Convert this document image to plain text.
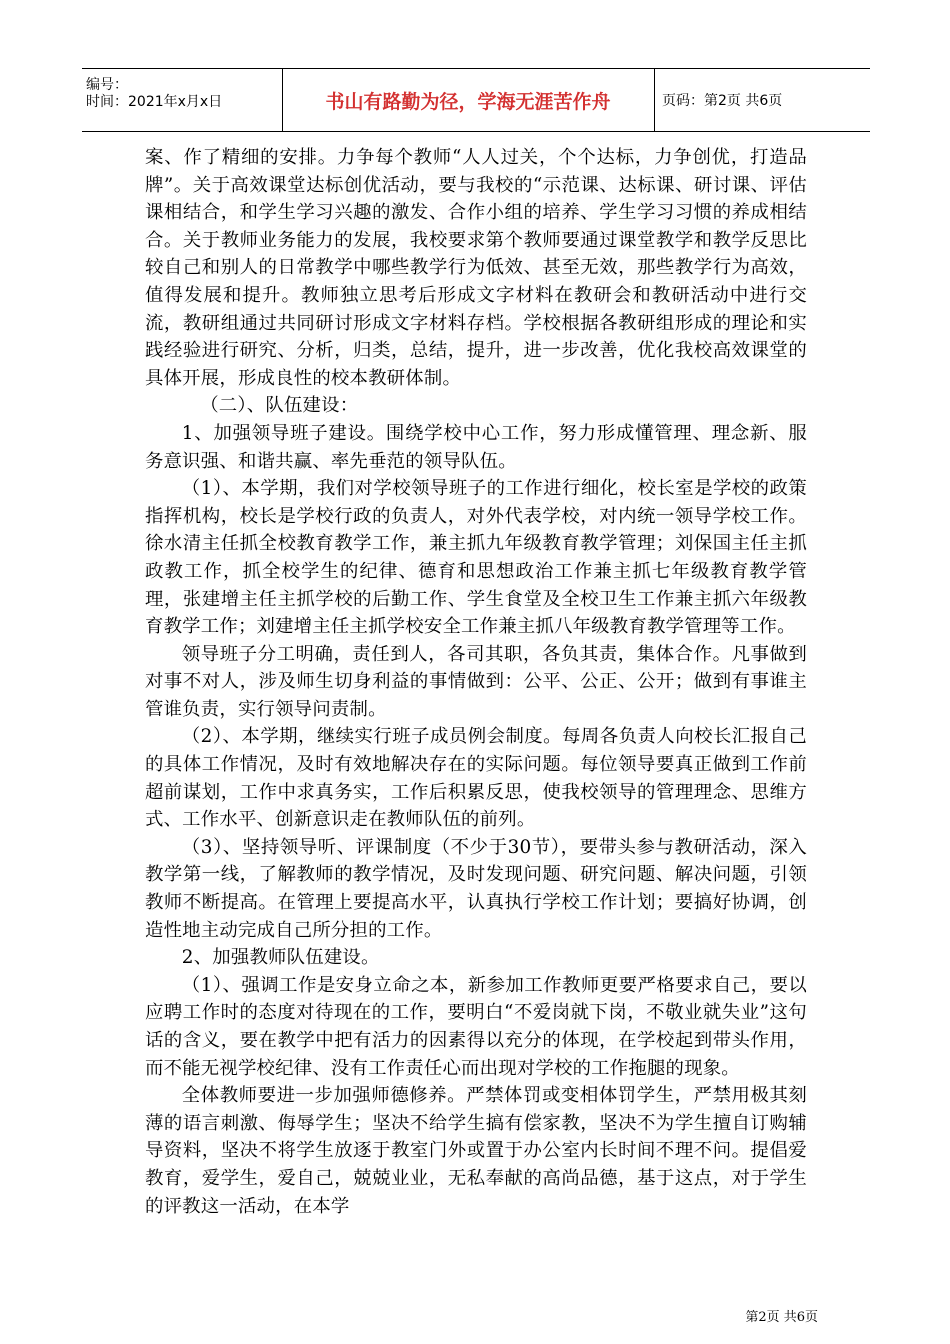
编号：
时间：2021年x月x日	书山有路勤为径，学海无涯苦作舟	页码：第2页 共6页

案、作了精细的安排。力争每个教师“人人过关，个个达标，力争创优，打造品牌”。关于高效课堂达标创优活动，要与我校的“示范课、达标课、研讨课、评估课相结合，和学生学习兴趣的激发、合作小组的培养、学生学习习惯的养成相结合。关于教师业务能力的发展，我校要求第个教师要通过课堂教学和教学反思比较自己和别人的日常教学中哪些教学行为低效、甚至无效，那些教学行为高效，值得发展和提升。教师独立思考后形成文字材料在教研会和教研活动中进行交流，教研组通过共同研讨形成文字材料存档。学校根据各教研组形成的理论和实践经验进行研究、分析，归类，总结，提升，进一步改善，优化我校高效课堂的具体开展，形成良性的校本教研体制。

（二）、队伍建设：

1、加强领导班子建设。围绕学校中心工作，努力形成懂管理、理念新、服务意识强、和谐共赢、率先垂范的领导队伍。

（1）、本学期，我们对学校领导班子的工作进行细化，校长室是学校的政策指挥机构，校长是学校行政的负责人，对外代表学校，对内统一领导学校工作。徐水清主任抓全校教育教学工作，兼主抓九年级教育教学管理；刘保国主任主抓政教工作，抓全校学生的纪律、德育和思想政治工作兼主抓七年级教育教学管理，张建增主任主抓学校的后勤工作、学生食堂及全校卫生工作兼主抓六年级教育教学工作；刘建增主任主抓学校安全工作兼主抓八年级教育教学管理等工作。

领导班子分工明确，责任到人，各司其职，各负其责，集体合作。凡事做到对事不对人，涉及师生切身利益的事情做到：公平、公正、公开；做到有事谁主管谁负责，实行领导问责制。

（2）、本学期，继续实行班子成员例会制度。每周各负责人向校长汇报自己的具体工作情况，及时有效地解决存在的实际问题。每位领导要真正做到工作前超前谋划，工作中求真务实，工作后积累反思，使我校领导的管理理念、思维方式、工作水平、创新意识走在教师队伍的前列。

（3）、坚持领导听、评课制度（不少于30节），要带头参与教研活动，深入教学第一线，了解教师的教学情况，及时发现问题、研究问题、解决问题，引领教师不断提高。在管理上要提高水平，认真执行学校工作计划；要搞好协调，创造性地主动完成自己所分担的工作。

2、加强教师队伍建设。

（1）、强调工作是安身立命之本，新参加工作教师更要严格要求自己，要以应聘工作时的态度对待现在的工作，要明白“不爱岗就下岗，不敬业就失业”这句话的含义，要在教学中把有活力的因素得以充分的体现，在学校起到带头作用，而不能无视学校纪律、没有工作责任心而出现对学校的工作拖腿的现象。

全体教师要进一步加强师德修养。严禁体罚或变相体罚学生，严禁用极其刻薄的语言刺激、侮辱学生；坚决不给学生搞有偿家教，坚决不为学生擅自订购辅导资料，坚决不将学生放逐于教室门外或置于办公室内长时间不理不问。提倡爱教育，爱学生，爱自己，兢兢业业，无私奉献的高尚品德，基于这点，对于学生的评教这一活动，在本学

第2页 共6页
